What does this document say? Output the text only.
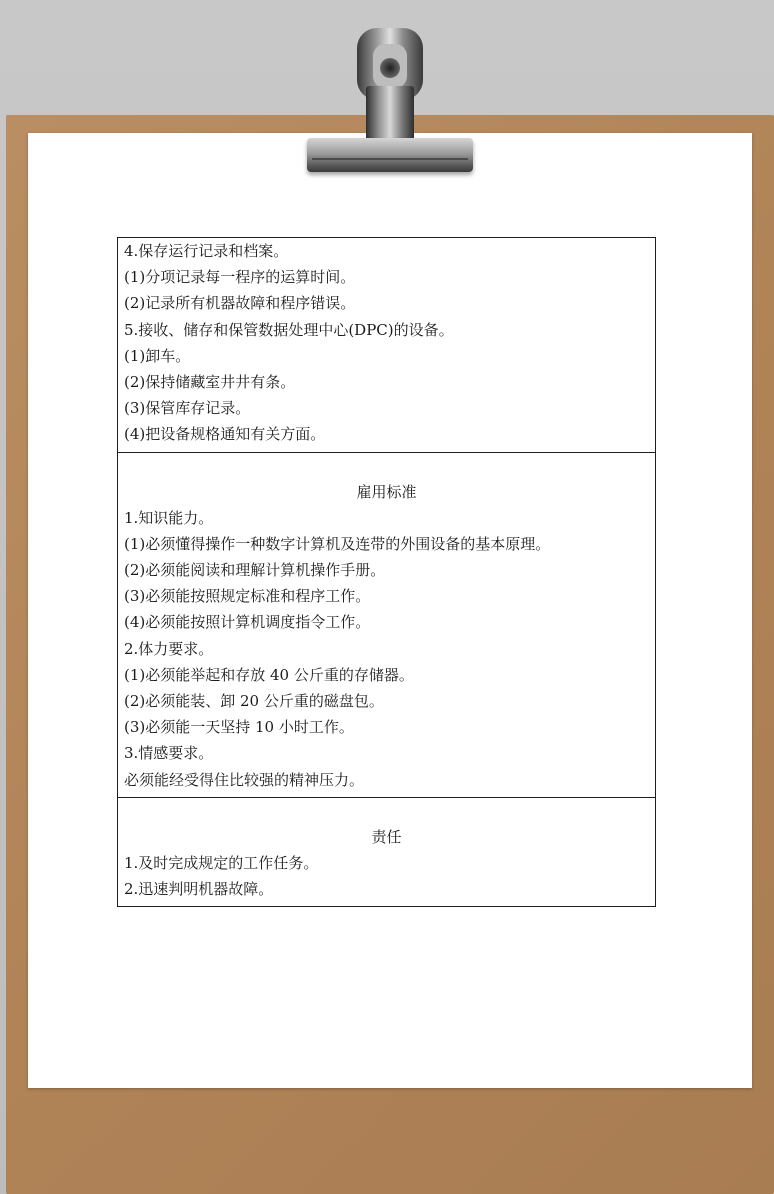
4.保存运行记录和档案。
(1)分项记录每一程序的运算时间。
(2)记录所有机器故障和程序错误。
5.接收、储存和保管数据处理中心(DPC)的设备。
(1)卸车。
(2)保持储藏室井井有条。
(3)保管库存记录。
(4)把设备规格通知有关方面。

雇用标准
1.知识能力。
(1)必须懂得操作一种数字计算机及连带的外围设备的基本原理。
(2)必须能阅读和理解计算机操作手册。
(3)必须能按照规定标准和程序工作。
(4)必须能按照计算机调度指令工作。
2.体力要求。
(1)必须能举起和存放 40 公斤重的存储器。
(2)必须能装、卸 20 公斤重的磁盘包。
(3)必须能一天坚持 10 小时工作。
3.情感要求。
必须能经受得住比较强的精神压力。

责任
1.及时完成规定的工作任务。
2.迅速判明机器故障。
